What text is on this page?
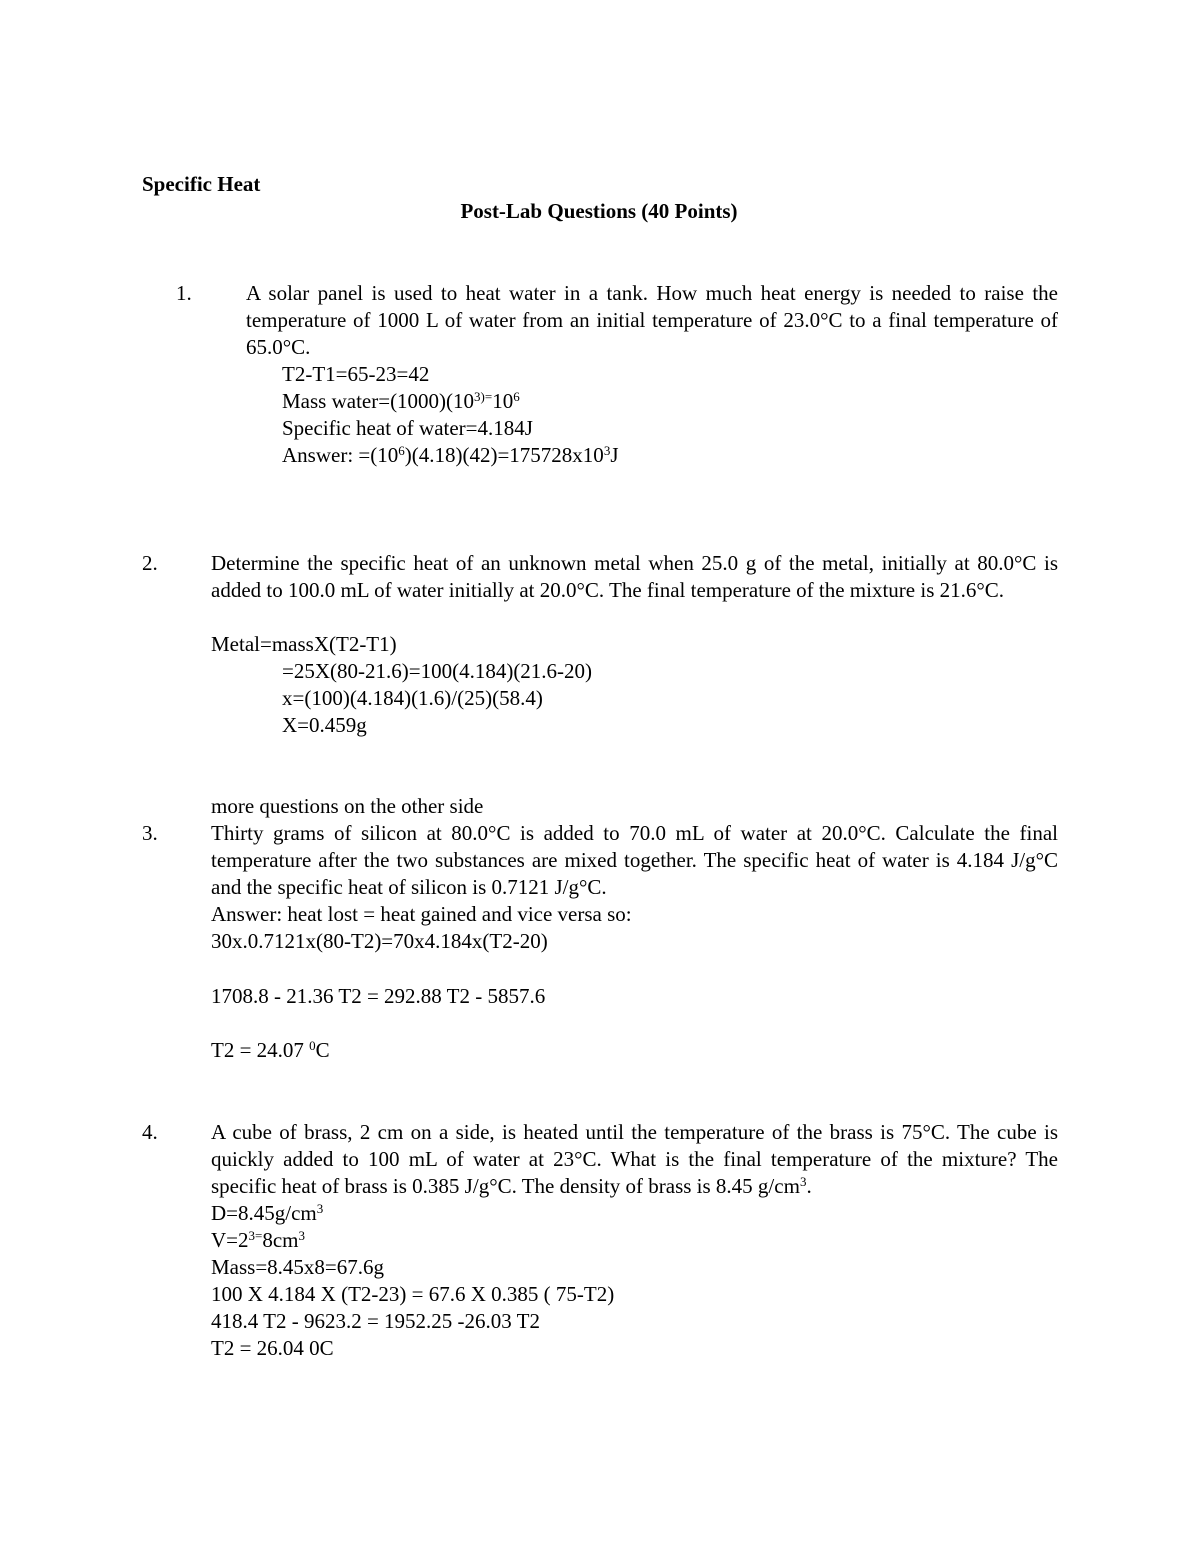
Specific Heat
Post-Lab Questions (40 Points)
1.	A solar panel is used to heat water in a tank. How much heat energy is needed to raise the temperature of 1000 L of water from an initial temperature of 23.0°C to a final temperature of 65.0°C.
T2-T1=65-23=42
Mass $water=(1000)(10^{3)=}10^6$
Specific heat of water=4.184J
Answer: $=(10^6)(4.18)(42)=175728x10^3J$
2.	Determine the specific heat of an unknown metal when 25.0 g of the metal, initially at 80.0°C is added to 100.0 mL of water initially at 20.0°C. The final temperature of the mixture is 21.6°C.
Metal=massX(T2-T1)
=25X(80-21.6)=100(4.184)(21.6-20)
x=(100)(4.184)(1.6)/(25)(58.4)
X=0.459g
more questions on the other side
3.	Thirty grams of silicon at 80.0°C is added to 70.0 mL of water at 20.0°C. Calculate the final temperature after the two substances are mixed together. The specific heat of water is 4.184 J/g°C and the specific heat of silicon is 0.7121 J/g°C.
Answer: heat lost = heat gained and vice versa so:
30x.0.7121x(80-T2)=70x4.184x(T2-20)
1708.8 - 21.36 T2 = 292.88 T2 - 5857.6
T2 = 24.07 $^0$C
4.	A cube of brass, 2 cm on a side, is heated until the temperature of the brass is 75°C. The cube is quickly added to 100 mL of water at 23°C. What is the final temperature of the mixture? The specific heat of brass is 0.385 J/g°C. The density of brass is 8.45 $g/cm^3$.
$D=8.45g/cm^3$
$V=2^{3=}8cm^3$
Mass=8.45x8=67.6g
100 X 4.184 X (T2-23) = 67.6 X 0.385 ( 75-T2)
418.4 T2 - 9623.2 = 1952.25 -26.03 T2
T2 = 26.04 0C
